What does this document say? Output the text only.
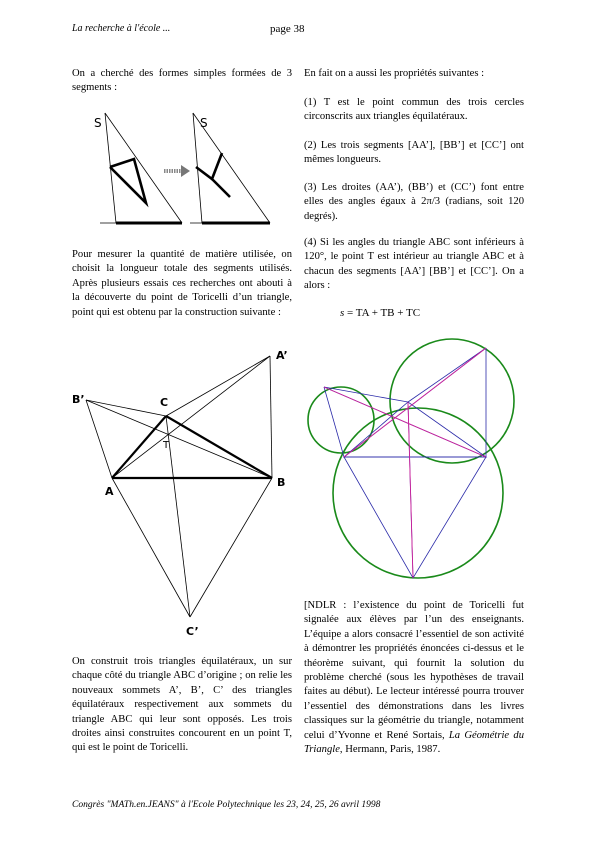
La recherche à l'école ...	page 38

On a cherché des formes simples formées de 3 segments :

S	S

Pour mesurer la quantité de matière utilisée, on choisit la longueur totale des segments utilisés. Après plusieurs essais ces recherches ont abouti à la découverte du point de Toricelli d’un triangle, point qui est obtenu par la construction suivante :

A
B
C
A’
B’
C’
T

On construit trois triangles équilatéraux, un sur chaque côté du triangle ABC d’origine ; on relie les nouveaux sommets A’, B’, C’ des triangles équilatéraux respectivement aux sommets du triangle ABC qui leur sont opposés. Les trois droites ainsi construites concourent en un point T, qui est le point de Toricelli.

En fait on a aussi les propriétés suivantes :

(1) T est le point commun des trois cercles circonscrits aux triangles équilatéraux.

(2) Les trois segments [AA’], [BB’] et [CC’] ont mêmes longueurs.

(3) Les droites (AA’), (BB’) et (CC’) font entre elles des angles égaux à 2π/3 (radians, soit 120 degrés).

(4) Si les angles du triangle ABC sont inférieurs à 120°, le point T est intérieur au triangle ABC et à chacun des segments [AA’] [BB’] et [CC’]. On a alors :

s = TA + TB + TC

[NDLR : l’existence du point de Toricelli fut signalée aux élèves par l’un des enseignants. L’équipe a alors consacré l’essentiel de son activité à démontrer les propriétés énoncées ci-dessus et le théorème suivant, qui fournit la solution du problème cherché (sous les hypothèses de travail faites au début). Le lecteur intéressé pourra trouver l’essentiel des démonstrations dans les livres classiques sur la géométrie du triangle, notamment celui d’Yvonne et René Sortais, La Géométrie du Triangle, Hermann, Paris, 1987.

Congrès "MATh.en.JEANS" à l'Ecole Polytechnique les 23, 24, 25, 26 avril 1998
